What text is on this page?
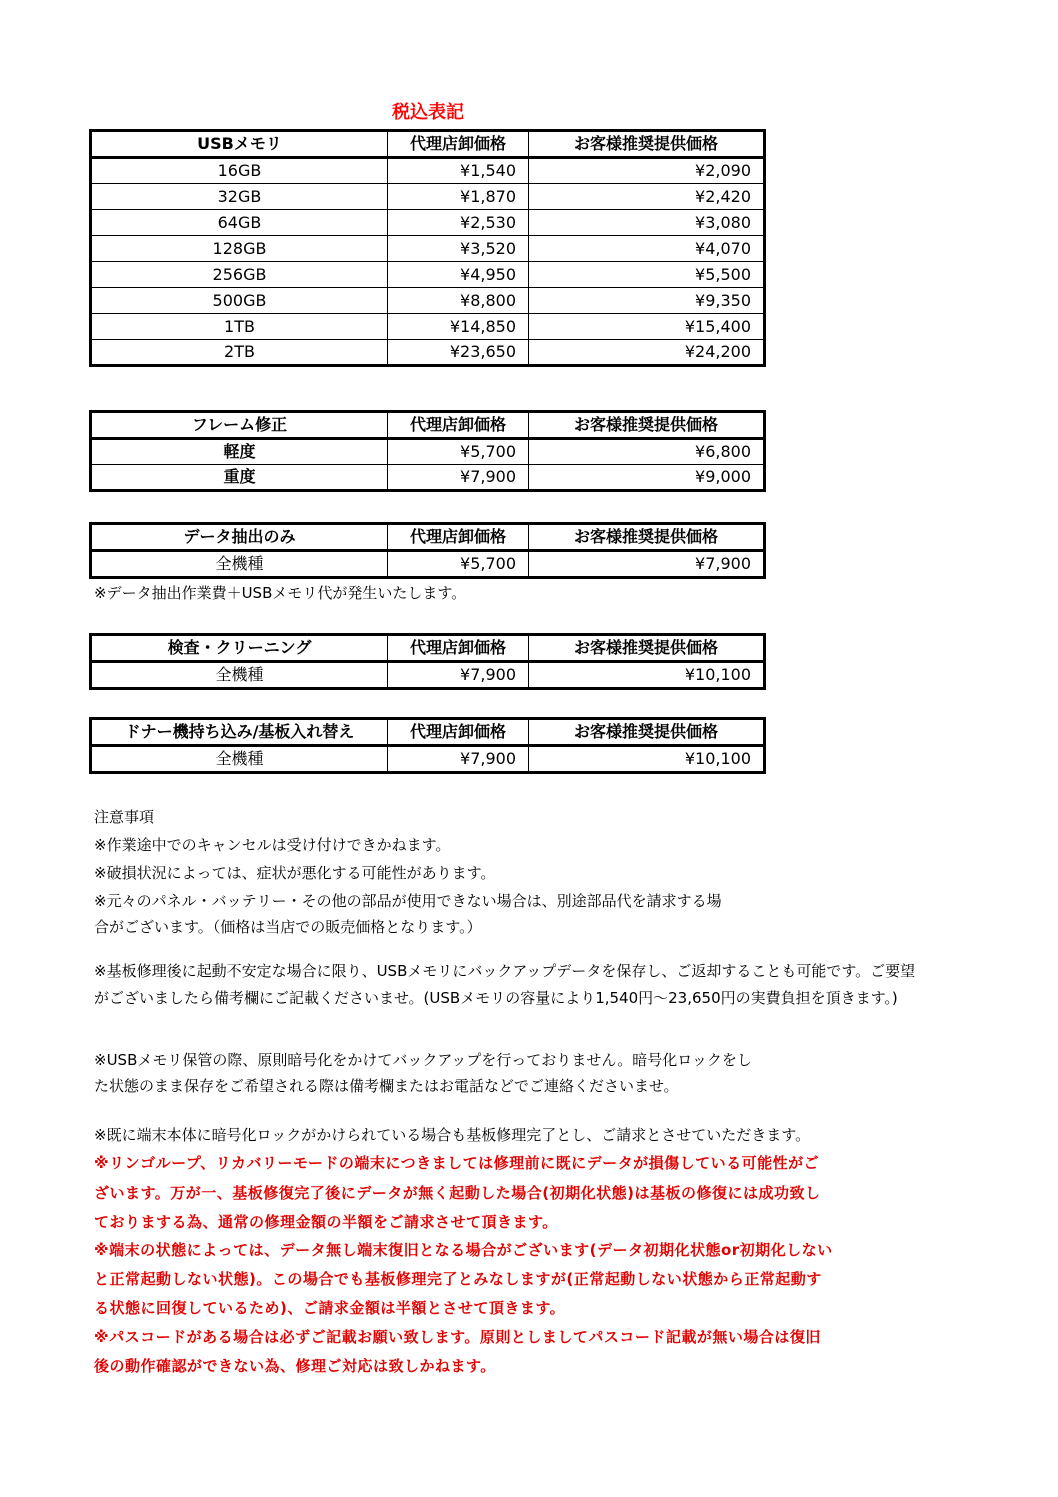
税込表記
USBメモリ	代理店卸価格	お客様推奨提供価格
16GB	¥1,540	¥2,090
32GB	¥1,870	¥2,420
64GB	¥2,530	¥3,080
128GB	¥3,520	¥4,070
256GB	¥4,950	¥5,500
500GB	¥8,800	¥9,350
1TB	¥14,850	¥15,400
2TB	¥23,650	¥24,200
フレーム修正	代理店卸価格	お客様推奨提供価格
軽度	¥5,700	¥6,800
重度	¥7,900	¥9,000
データ抽出のみ	代理店卸価格	お客様推奨提供価格
全機種	¥5,700	¥7,900
※データ抽出作業費＋USBメモリ代が発生いたします。
検査・クリーニング	代理店卸価格	お客様推奨提供価格
全機種	¥7,900	¥10,100
ドナー機持ち込み/基板入れ替え	代理店卸価格	お客様推奨提供価格
全機種	¥7,900	¥10,100
注意事項
※作業途中でのキャンセルは受け付けできかねます。
※破損状況によっては、症状が悪化する可能性があります。
※元々のパネル・バッテリー・その他の部品が使用できない場合は、別途部品代を請求する場
合がございます。（価格は当店での販売価格となります。）
※基板修理後に起動不安定な場合に限り、USBメモリにバックアップデータを保存し、ご返却することも可能です。ご要望
がございましたら備考欄にご記載くださいませ。(USBメモリの容量により1,540円〜23,650円の実費負担を頂きます。)
※USBメモリ保管の際、原則暗号化をかけてバックアップを行っておりません。暗号化ロックをし
た状態のまま保存をご希望される際は備考欄またはお電話などでご連絡くださいませ。
※既に端末本体に暗号化ロックがかけられている場合も基板修理完了とし、ご請求とさせていただきます。
※リンゴループ、リカバリーモードの端末につきましては修理前に既にデータが損傷している可能性がご
ざいます。万が一、基板修復完了後にデータが無く起動した場合(初期化状態)は基板の修復には成功致し
ておりまする為、通常の修理金額の半額をご請求させて頂きます。
※端末の状態によっては、データ無し端末復旧となる場合がございます(データ初期化状態or初期化しない
と正常起動しない状態)。この場合でも基板修理完了とみなしますが(正常起動しない状態から正常起動す
る状態に回復しているため)、ご請求金額は半額とさせて頂きます。
※パスコードがある場合は必ずご記載お願い致します。原則としましてパスコード記載が無い場合は復旧
後の動作確認ができない為、修理ご対応は致しかねます。
